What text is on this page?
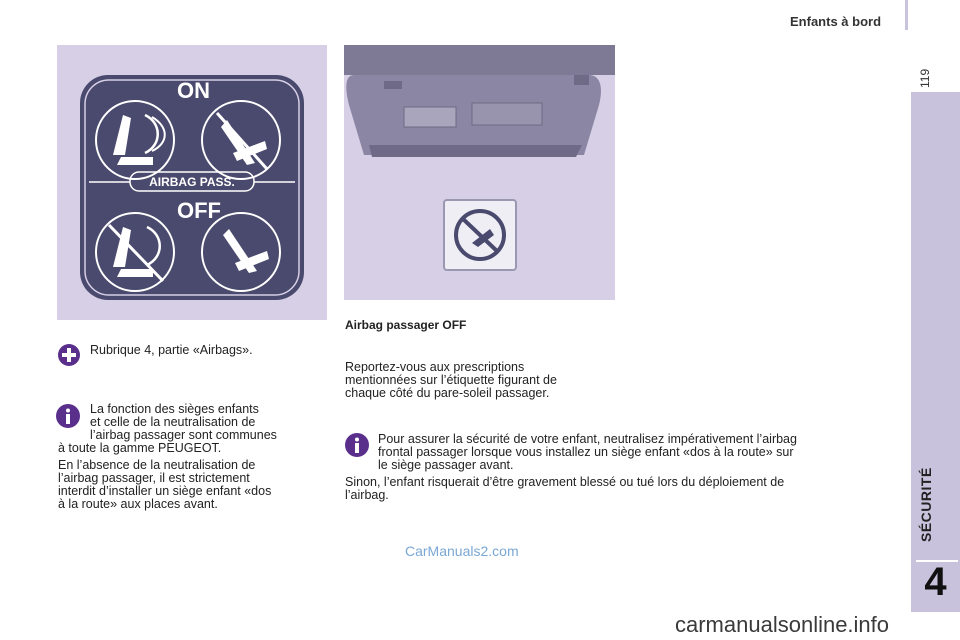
Enfants à bord
119
SÉCURITÉ
4
ON
OFF
AIRBAG PASS.
Airbag passager OFF
Rubrique 4, partie «Airbags».
La fonction des sièges enfants
et celle de la neutralisation de
l’airbag passager sont communes
à toute la gamme PEUGEOT.
En l’absence de la neutralisation de
l’airbag passager, il est strictement
interdit d’installer un siège enfant «dos
à la route» aux places avant.
Reportez-vous aux prescriptions
mentionnées sur l’étiquette figurant de
chaque côté du pare-soleil passager.
Pour assurer la sécurité de votre enfant, neutralisez impérativement l’airbag
frontal passager lorsque vous installez un siège enfant «dos à la route» sur
le siège passager avant.
Sinon, l’enfant risquerait d’être gravement blessé ou tué lors du déploiement de
l’airbag.
CarManuals2.com
carmanualsonline.info
